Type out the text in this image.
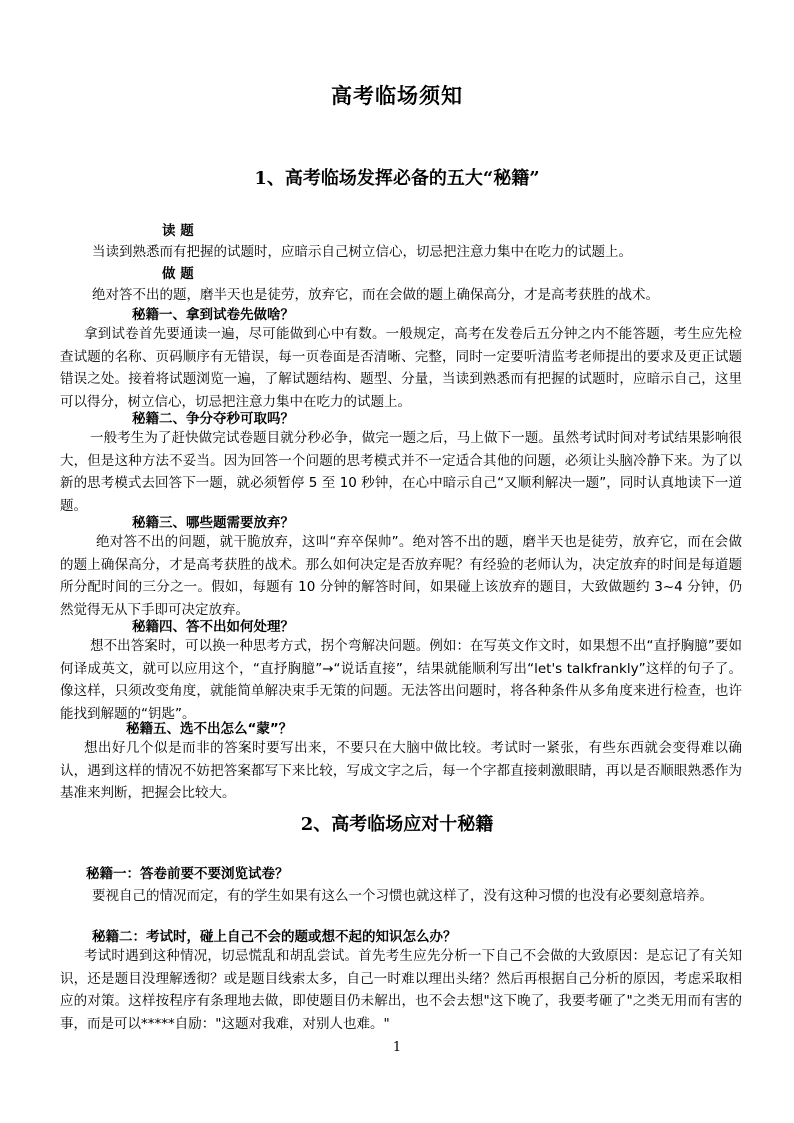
高考临场须知
1、高考临场发挥必备的五大“秘籍”
读 题
当读到熟悉而有把握的试题时，应暗示自己树立信心，切忌把注意力集中在吃力的试题上。
做 题
绝对答不出的题，磨半天也是徒劳，放弃它，而在会做的题上确保高分，才是高考获胜的战术。
秘籍一、拿到试卷先做啥？
拿到试卷首先要通读一遍，尽可能做到心中有数。一般规定，高考在发卷后五分钟之内不能答题，考生应先检查试题的名称、页码顺序有无错误，每一页卷面是否清晰、完整，同时一定要听清监考老师提出的要求及更正试题错误之处。接着将试题浏览一遍，了解试题结构、题型、分量，当读到熟悉而有把握的试题时，应暗示自己，这里可以得分，树立信心，切忌把注意力集中在吃力的试题上。
秘籍二、争分夺秒可取吗？
一般考生为了赶快做完试卷题目就分秒必争，做完一题之后，马上做下一题。虽然考试时间对考试结果影响很大，但是这种方法不妥当。因为回答一个问题的思考模式并不一定适合其他的问题，必须让头脑冷静下来。为了以新的思考模式去回答下一题，就必须暂停 5 至 10 秒钟，在心中暗示自己“又顺利解决一题”，同时认真地读下一道题。
秘籍三、哪些题需要放弃？
绝对答不出的问题，就干脆放弃，这叫“弃卒保帅”。绝对答不出的题，磨半天也是徒劳，放弃它，而在会做的题上确保高分，才是高考获胜的战术。那么如何决定是否放弃呢？有经验的老师认为，决定放弃的时间是每道题所分配时间的三分之一。假如，每题有 10 分钟的解答时间，如果碰上该放弃的题目，大致做题约 3~4 分钟，仍然觉得无从下手即可决定放弃。
秘籍四、答不出如何处理？
想不出答案时，可以换一种思考方式，拐个弯解决问题。例如：在写英文作文时，如果想不出“直抒胸臆”要如何译成英文，就可以应用这个，“直抒胸臆”→“说话直接”，结果就能顺利写出“let's talkfrankly”这样的句子了。像这样，只须改变角度，就能简单解决束手无策的问题。无法答出问题时，将各种条件从多角度来进行检查，也许能找到解题的“钥匙”。
秘籍五、选不出怎么“蒙”？
想出好几个似是而非的答案时要写出来，不要只在大脑中做比较。考试时一紧张，有些东西就会变得难以确认，遇到这样的情况不妨把答案都写下来比较，写成文字之后，每一个字都直接刺激眼睛，再以是否顺眼熟悉作为基准来判断，把握会比较大。
2、高考临场应对十秘籍
秘籍一：答卷前要不要浏览试卷？
要视自己的情况而定，有的学生如果有这么一个习惯也就这样了，没有这种习惯的也没有必要刻意培养。
秘籍二：考试时，碰上自己不会的题或想不起的知识怎么办？
考试时遇到这种情况，切忌慌乱和胡乱尝试。首先考生应先分析一下自己不会做的大致原因：是忘记了有关知识，还是题目没理解透彻？或是题目线索太多，自己一时难以理出头绪？然后再根据自己分析的原因，考虑采取相应的对策。这样按程序有条理地去做，即使题目仍未解出，也不会去想"这下晚了，我要考砸了"之类无用而有害的事，而是可以*****自励："这题对我难，对别人也难。"
1
